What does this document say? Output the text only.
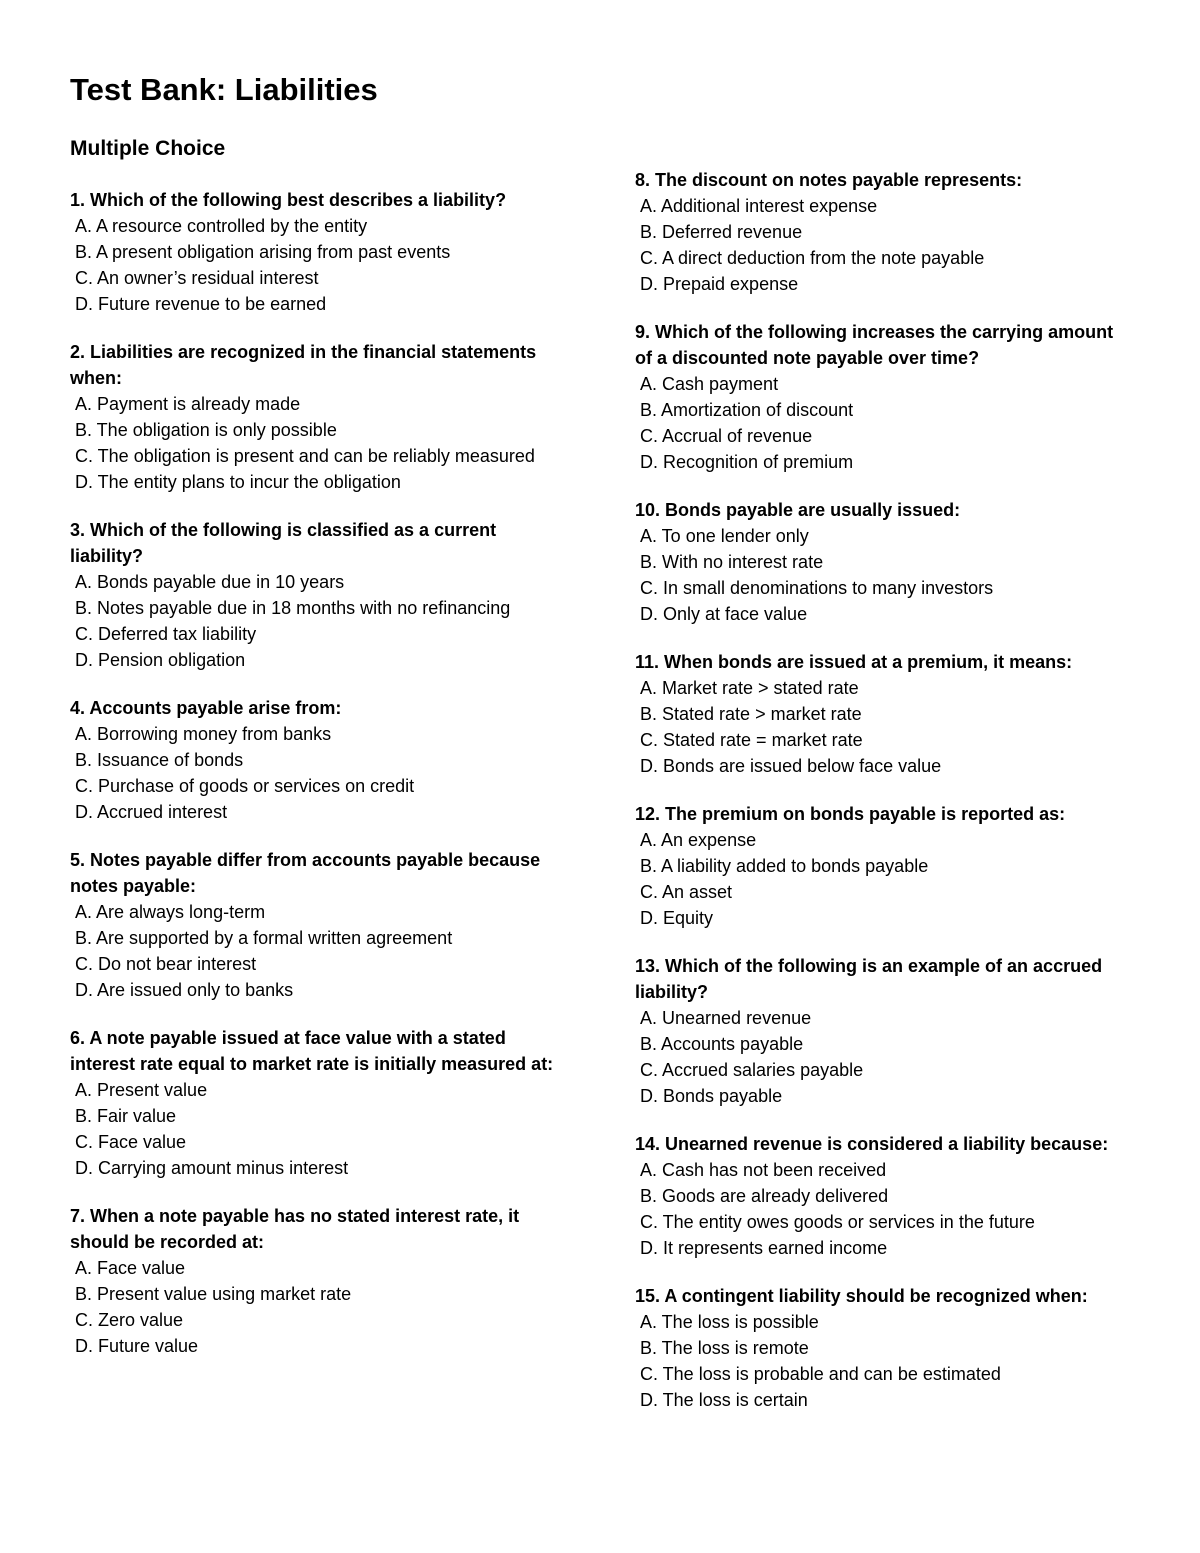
Test Bank: Liabilities
Multiple Choice

1. Which of the following best describes a liability?

A. A resource controlled by the entity

B. A present obligation arising from past events

C. An owner’s residual interest

D. Future revenue to be earned

2. Liabilities are recognized in the financial statements when:

A. Payment is already made

B. The obligation is only possible

C. The obligation is present and can be reliably measured

D. The entity plans to incur the obligation

3. Which of the following is classified as a current liability?

A. Bonds payable due in 10 years

B. Notes payable due in 18 months with no refinancing

C. Deferred tax liability

D. Pension obligation

4. Accounts payable arise from:

A. Borrowing money from banks

B. Issuance of bonds

C. Purchase of goods or services on credit

D. Accrued interest

5. Notes payable differ from accounts payable because notes payable:

A. Are always long-term

B. Are supported by a formal written agreement

C. Do not bear interest

D. Are issued only to banks

6. A note payable issued at face value with a stated interest rate equal to market rate is initially measured at:

A. Present value

B. Fair value

C. Face value

D. Carrying amount minus interest

7. When a note payable has no stated interest rate, it should be recorded at:

A. Face value

B. Present value using market rate

C. Zero value

D. Future value

8. The discount on notes payable represents:

A. Additional interest expense

B. Deferred revenue

C. A direct deduction from the note payable

D. Prepaid expense

9. Which of the following increases the carrying amount of a discounted note payable over time?

A. Cash payment

B. Amortization of discount

C. Accrual of revenue

D. Recognition of premium

10. Bonds payable are usually issued:

A. To one lender only

B. With no interest rate

C. In small denominations to many investors

D. Only at face value

11. When bonds are issued at a premium, it means:

A. Market rate > stated rate

B. Stated rate > market rate

C. Stated rate = market rate

D. Bonds are issued below face value

12. The premium on bonds payable is reported as:

A. An expense

B. A liability added to bonds payable

C. An asset

D. Equity

13. Which of the following is an example of an accrued liability?

A. Unearned revenue

B. Accounts payable

C. Accrued salaries payable

D. Bonds payable

14. Unearned revenue is considered a liability because:

A. Cash has not been received

B. Goods are already delivered

C. The entity owes goods or services in the future

D. It represents earned income

15. A contingent liability should be recognized when:

A. The loss is possible

B. The loss is remote

C. The loss is probable and can be estimated

D. The loss is certain
